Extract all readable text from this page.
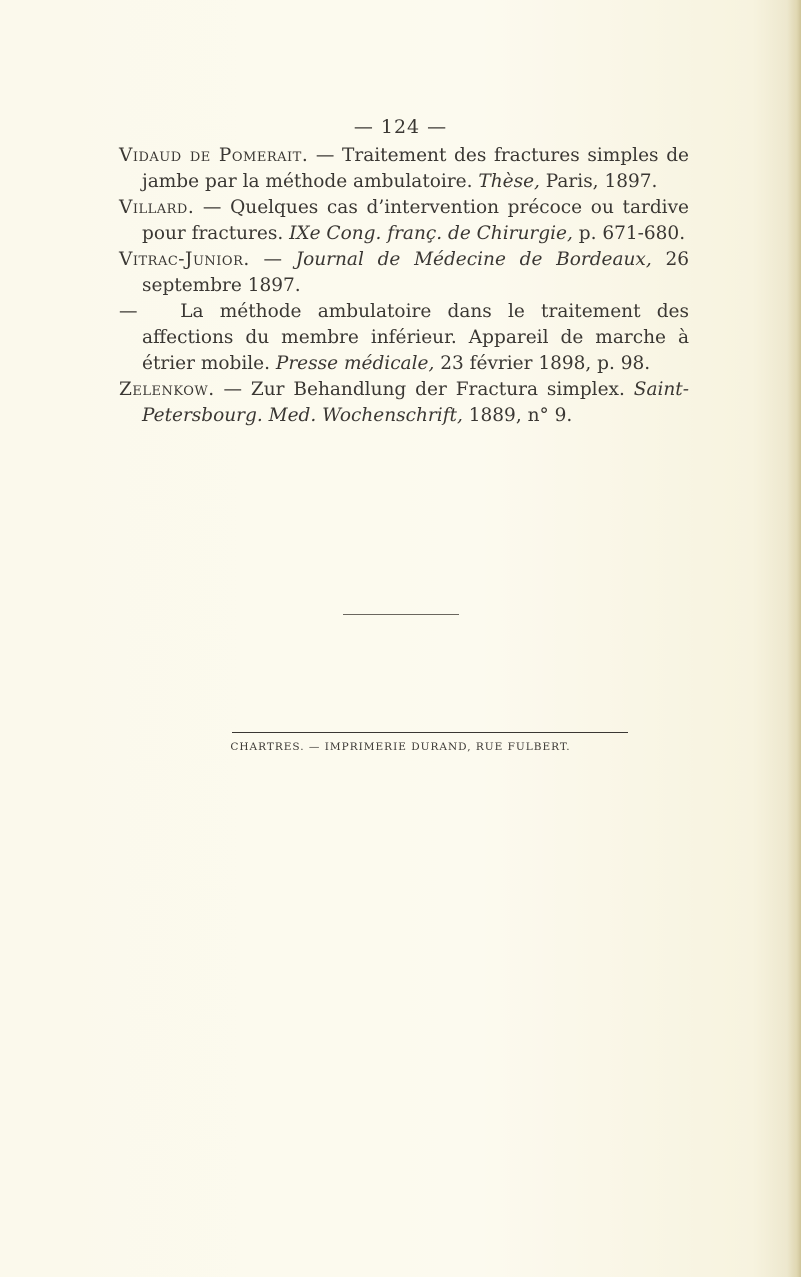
— 124 —

Vidaud de Pomerait. — Traitement des fractures simples de jambe par la méthode ambulatoire. Thèse, Paris, 1897.

Villard. — Quelques cas d’intervention précoce ou tardive pour fractures. IXe Cong. franç. de Chirurgie, p. 671-680.

Vitrac-Junior. — Journal de Médecine de Bordeaux, 26 septembre 1897.

— La méthode ambulatoire dans le traitement des affections du membre inférieur. Appareil de marche à étrier mobile. Presse médicale, 23 février 1898, p. 98.

Zelenkow. — Zur Behandlung der Fractura simplex. Saint-Petersbourg. Med. Wochenschrift, 1889, n° 9.

CHARTRES. — IMPRIMERIE DURAND, RUE FULBERT.
